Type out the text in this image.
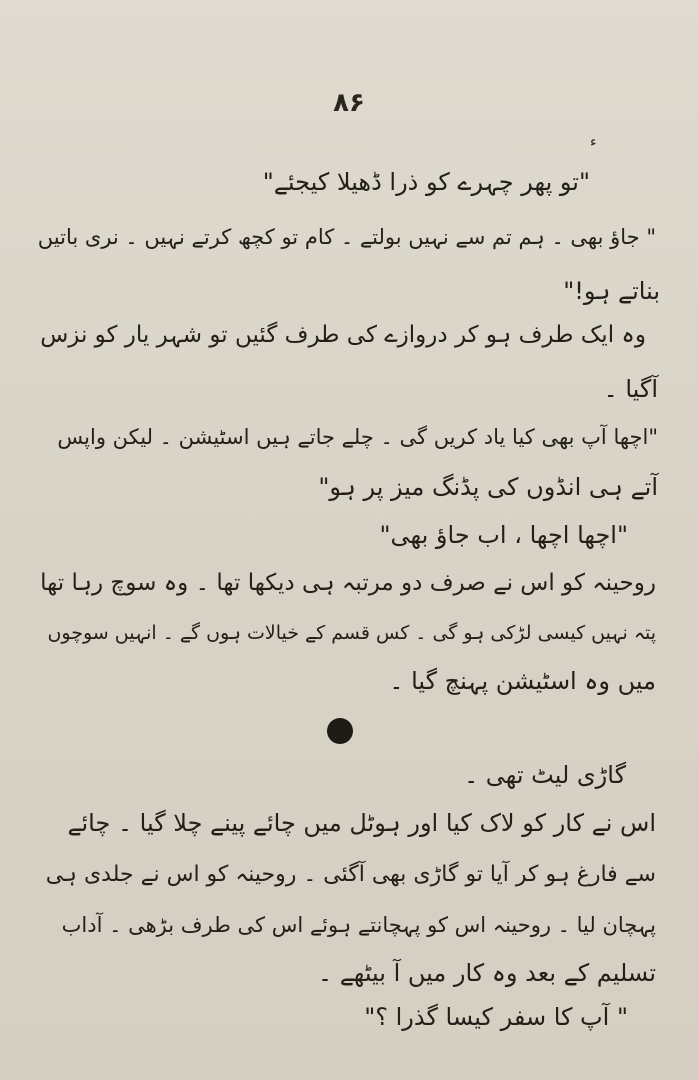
ء
۸۶
"تو پھر چہرے کو ذرا ڈھیلا کیجئے"
" جاؤ بھی ۔ ہم تم سے نہیں بولتے ۔ کام تو کچھ کرتے نہیں ۔ نری باتیں
بناتے ہو!"
وہ ایک طرف ہو کر دروازے کی طرف گئیں تو شہر یار کو نزس
آگیا ۔
"اچھا آپ بھی کیا یاد کریں گی ۔ چلے جاتے ہیں اسٹیشن ۔ لیکن واپس
آتے ہی انڈوں کی پڈنگ میز پر ہو"
"اچھا اچھا ، اب جاؤ بھی"
روحینہ کو اس نے صرف دو مرتبہ ہی دیکھا تھا ۔ وہ سوچ رہا تھا
پتہ نہیں کیسی لڑکی ہو گی ۔ کس قسم کے خیالات ہوں گے ۔ انہیں سوچوں
میں وہ اسٹیشن پہنچ گیا ۔
گاڑی لیٹ تھی ۔
اس نے کار کو لاک کیا اور ہوٹل میں چائے پینے چلا گیا ۔ چائے
سے فارغ ہو کر آیا تو گاڑی بھی آگئی ۔ روحینہ کو اس نے جلدی ہی
پہچان لیا ۔ روحینہ اس کو پہچانتے ہوئے اس کی طرف بڑھی ۔ آداب
تسلیم کے بعد وہ کار میں آ بیٹھے ۔
" آپ کا سفر کیسا گذرا ؟"
